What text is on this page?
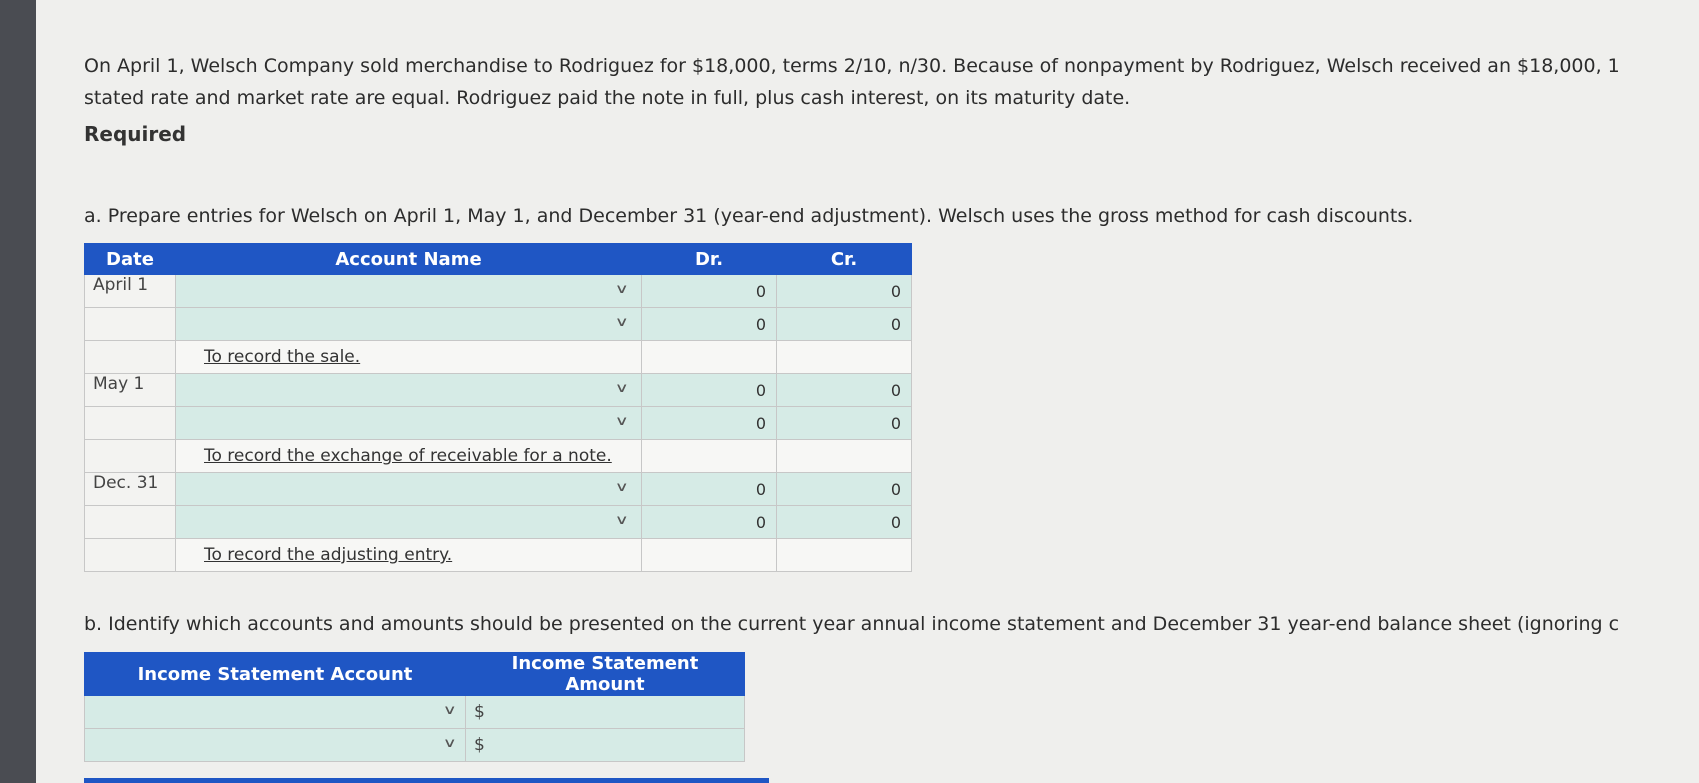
On April 1, Welsch Company sold merchandise to Rodriguez for $18,000, terms 2/10, n/30. Because of nonpayment by Rodriguez, Welsch received an $18,000, 1
stated rate and market rate are equal. Rodriguez paid the note in full, plus cash interest, on its maturity date.
Required
a. Prepare entries for Welsch on April 1, May 1, and December 31 (year-end adjustment). Welsch uses the gross method for cash discounts.
Date	Account Name	Dr.	Cr.
April 1	∨	0	0

	∨	0	0
	To record the sale.		
May 1	∨	0	0

	∨	0	0
	To record the exchange of receivable for a note.		
Dec. 31	∨	0	0

	∨	0	0
	To record the adjusting entry.		
b. Identify which accounts and amounts should be presented on the current year annual income statement and December 31 year-end balance sheet (ignoring c
Income Statement Account	Income Statement Amount

∨	$

∨	$
